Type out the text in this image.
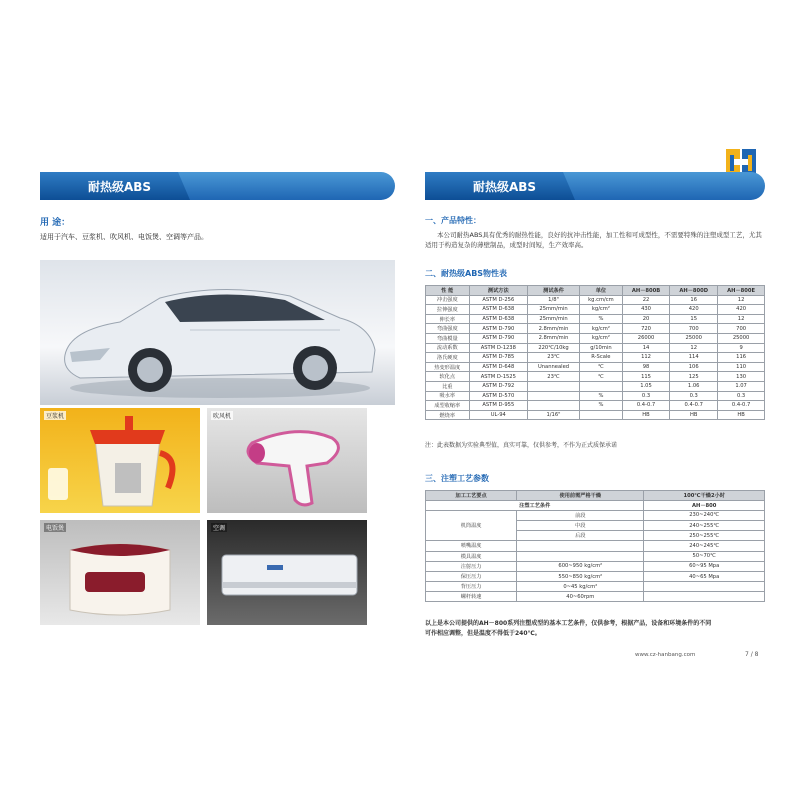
耐热级ABS
用 途：
适用于汽车、豆浆机、吹风机、电饭煲、空调等产品。
豆浆机	吹风机
电饭煲	空调
耐热级ABS
一、产品特性：
本公司耐热ABS具有优秀的耐热性能，良好的抗冲击性能，加工性和可成型性，不需要特殊的注塑成型工艺，尤其适用于构造复杂的薄壁制品，成型时间短，生产效率高。
二、耐热级ABS物性表
性 能	测试方法	测试条件	单位	AH－800B	AH－800D	AH－800E
冲击强度	ASTM D-256	1/8"	kg.cm/cm	22	16	12
拉伸强度	ASTM D-638	25mm/min	kg/cm²	430	420	420
伸长率	ASTM D-638	25mm/min	%	20	15	12
弯曲强度	ASTM D-790	2.8mm/min	kg/cm²	720	700	700
弯曲模量	ASTM D-790	2.8mm/min	kg/cm²	26000	25000	25000
流动系数	ASTM D-1238	220℃/10kg	g/10min	14	12	9
洛氏硬度	ASTM D-785	23℃	R-Scale	112	114	116
热变形温度	ASTM D-648	Unannealed	℃	98	106	110
软化点	ASTM D-1525	23℃	℃	115	125	130
比重	ASTM D-792			1.05	1.06	1.07
吸水率	ASTM D-570		%	0.3	0.3	0.3
成型收缩率	ASTM D-955		%	0.4-0.7	0.4-0.7	0.4-0.7
燃烧率	UL-94	1/16"		HB	HB	HB
注：此表数据为实验典型值，真实可靠，仅供参考，不作为正式质保承诺
三、注塑工艺参数
加工工艺要点	使用前需严格干燥	100℃干燥2小时
注塑工艺条件		AH－800
机筒温度	前段	230~240℃
	中段	240~255℃
	后段	250~255℃
喷嘴温度		240~245℃
模具温度		50~70℃
注射压力	600~950 kg/cm²	60~95 Mpa
保压压力	550~850 kg/cm²	40~65 Mpa
背压压力	0~45 kg/cm²	
螺杆转速	40~60rpm	
以上是本公司提供的AH－800系列注塑成型的基本工艺条件，仅供参考，根据产品，设备和环境条件的不同
可作相应调整，但是温度不得低于240℃。
www.cz-hanbang.com	7 / 8
